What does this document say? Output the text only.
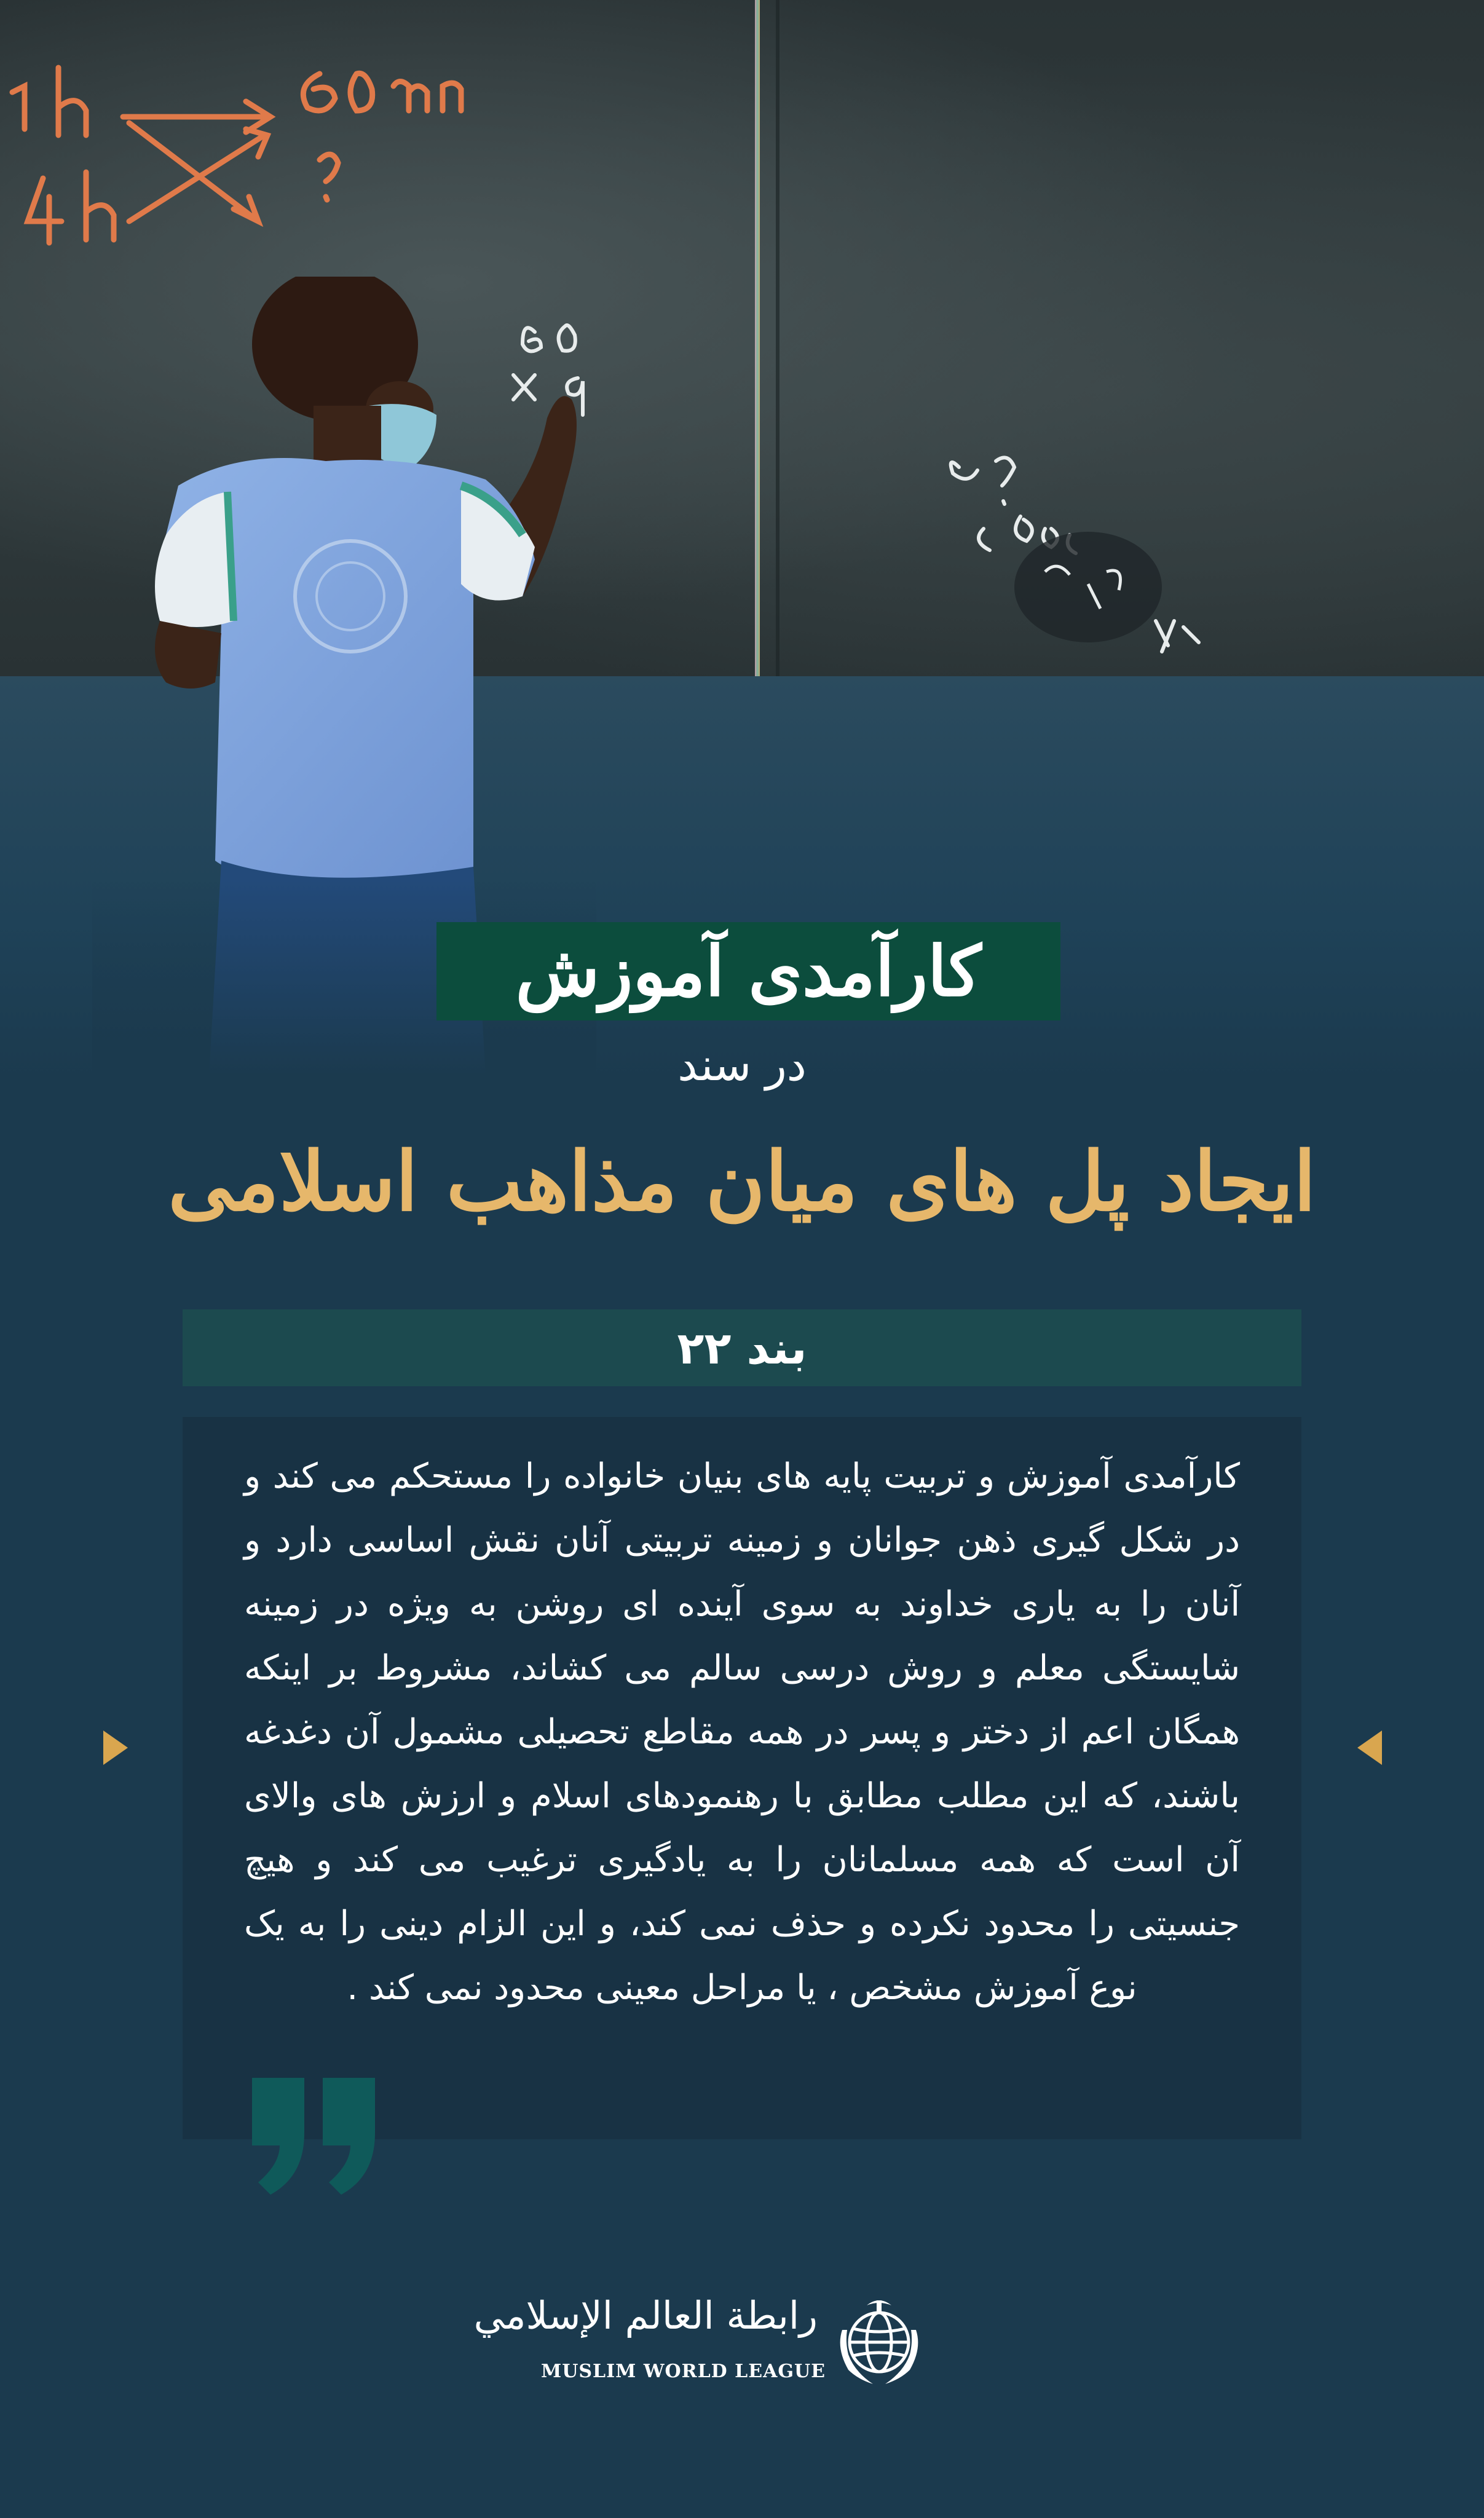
کارآمدی آموزش
در سند
ایجاد پل های میان مذاهب اسلامی
بند ۲۲
کارآمدی آموزش و تربیت پایه های بنیان خانواده را مستحکم می کند و در شکل گیری ذهن جوانان و زمینه تربیتی آنان نقش اساسی دارد و آنان را به یاری خداوند به سوی آینده ای روشن به ویژه در زمینه شایستگی معلم و روش درسی سالم می کشاند، مشروط بر اینکه همگان اعم از دختر و پسر در همه مقاطع تحصیلی مشمول آن دغدغه باشند، که این مطلب مطابق با رهنمودهای اسلام و ارزش های والای آن است که همه مسلمانان را به یادگیری ترغیب می کند و هیچ جنسیتی را محدود نکرده و حذف نمی کند، و این الزام دینی را به یک نوع آموزش مشخص ، یا مراحل معینی محدود نمی کند .
رابطة العالم الإسلامي
MUSLIM WORLD LEAGUE
